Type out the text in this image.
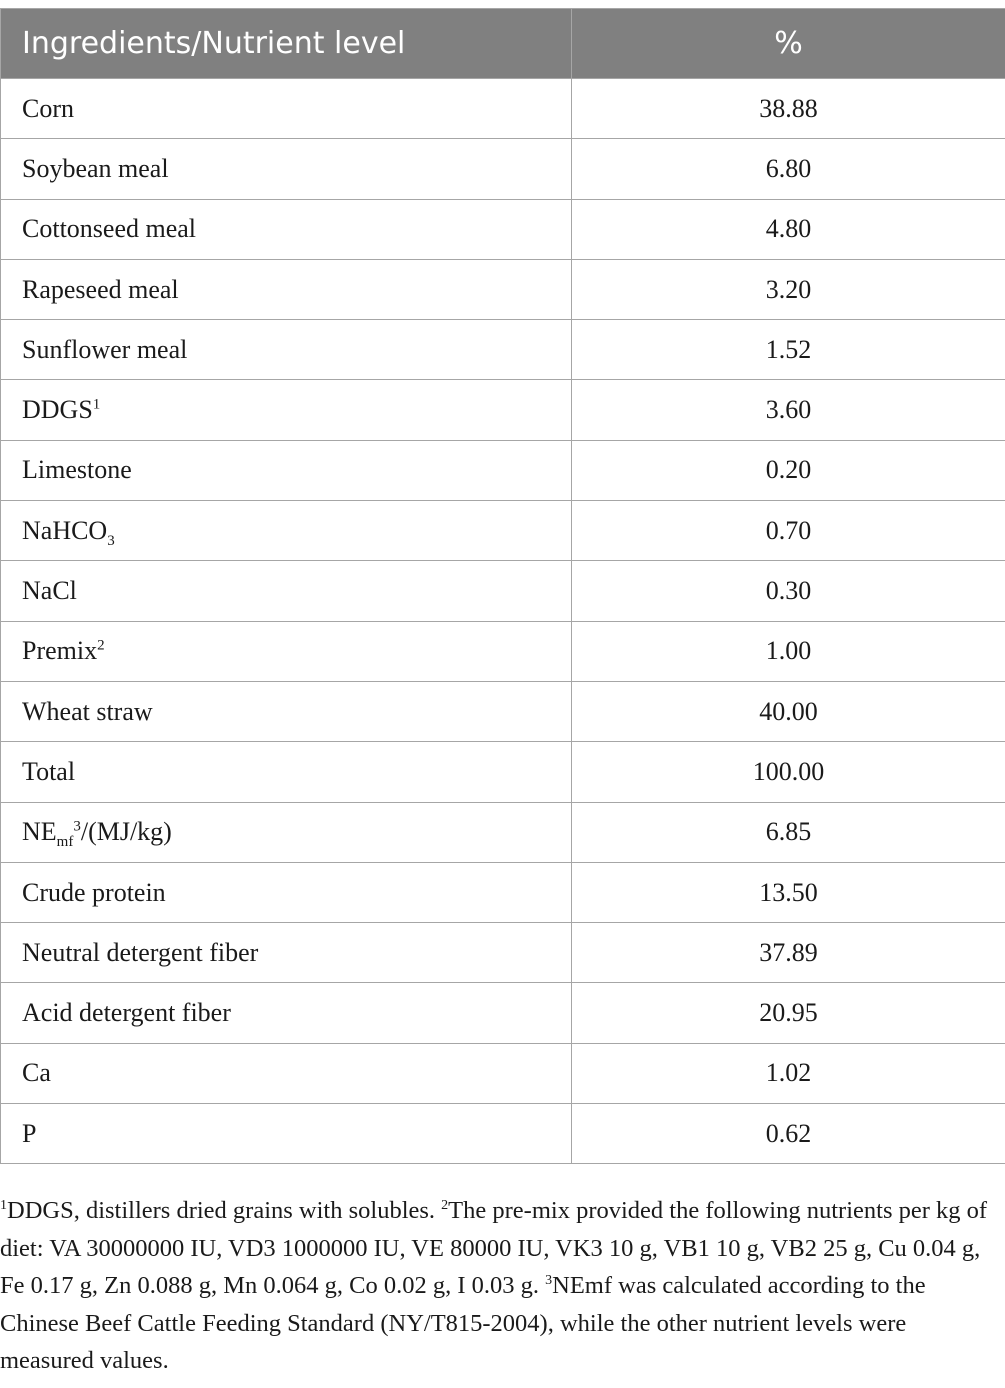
Ingredients/Nutrient level	%
Corn	38.88
Soybean meal	6.80
Cottonseed meal	4.80
Rapeseed meal	3.20
Sunflower meal	1.52
DDGS$^1$	3.60
Limestone	0.20
NaHCO$_3$	0.70
NaCl	0.30
Premix$^2$	1.00
Wheat straw	40.00
Total	100.00
$NE_{mf}^3/(MJ/kg)$	6.85
Crude protein	13.50
Neutral detergent fiber	37.89
Acid detergent fiber	20.95
Ca	1.02
P	0.62

$^1$DDGS, distillers dried grains with solubles. $^2$The pre-mix provided the following nutrients per kg of diet: VA 30000000 IU, VD3 1000000 IU, VE 80000 IU, VK3 10 g, VB1 10 g, VB2 25 g, Cu 0.04 g, Fe 0.17 g, Zn 0.088 g, Mn 0.064 g, Co 0.02 g, I 0.03 g. $^3$NEmf was calculated according to the Chinese Beef Cattle Feeding Standard (NY/T815-2004), while the other nutrient levels were measured values.
